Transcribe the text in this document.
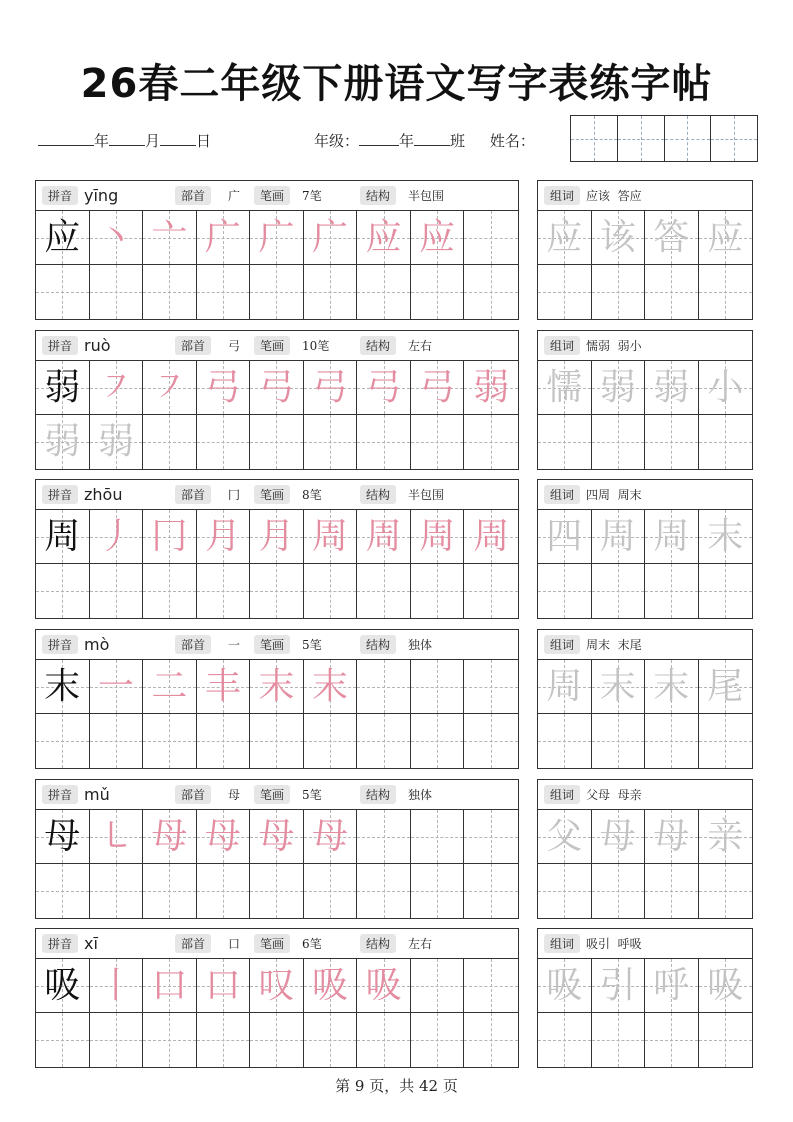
26春二年级下册语文写字表练字帖
年 月 日	年级：	年 班 姓名：
拼音 yīng	部首	广	笔画	7笔	结构	半包围
应 丶 亠 广 广 广 应 应
组词	应该  答应
应 该 答 应
拼音 ruò	部首	弓	笔画	10笔	结构	左右
弱 ㇇ ㇇ 弓 弓 弓 弓 弓 弱
弱 弱
组词	懦弱  弱小
懦 弱 弱 小
拼音 zhōu	部首	冂	笔画	8笔	结构	半包围
周 丿 冂 月 月 周 周 周 周
组词	四周  周末
四 周 周 末
拼音 mò	部首	一	笔画	5笔	结构	独体
末 一 二 丰 末 末
组词	周末  末尾
周 末 末 尾
拼音 mǔ	部首	母	笔画	5笔	结构	独体
母 ㇄ 母 母 母 母
组词	父母  母亲
父 母 母 亲
拼音 xī	部首	口	笔画	6笔	结构	左右
吸 丨 口 口 叹 吸 吸
组词	吸引  呼吸
吸 引 呼 吸
第 9 页，共 42 页
